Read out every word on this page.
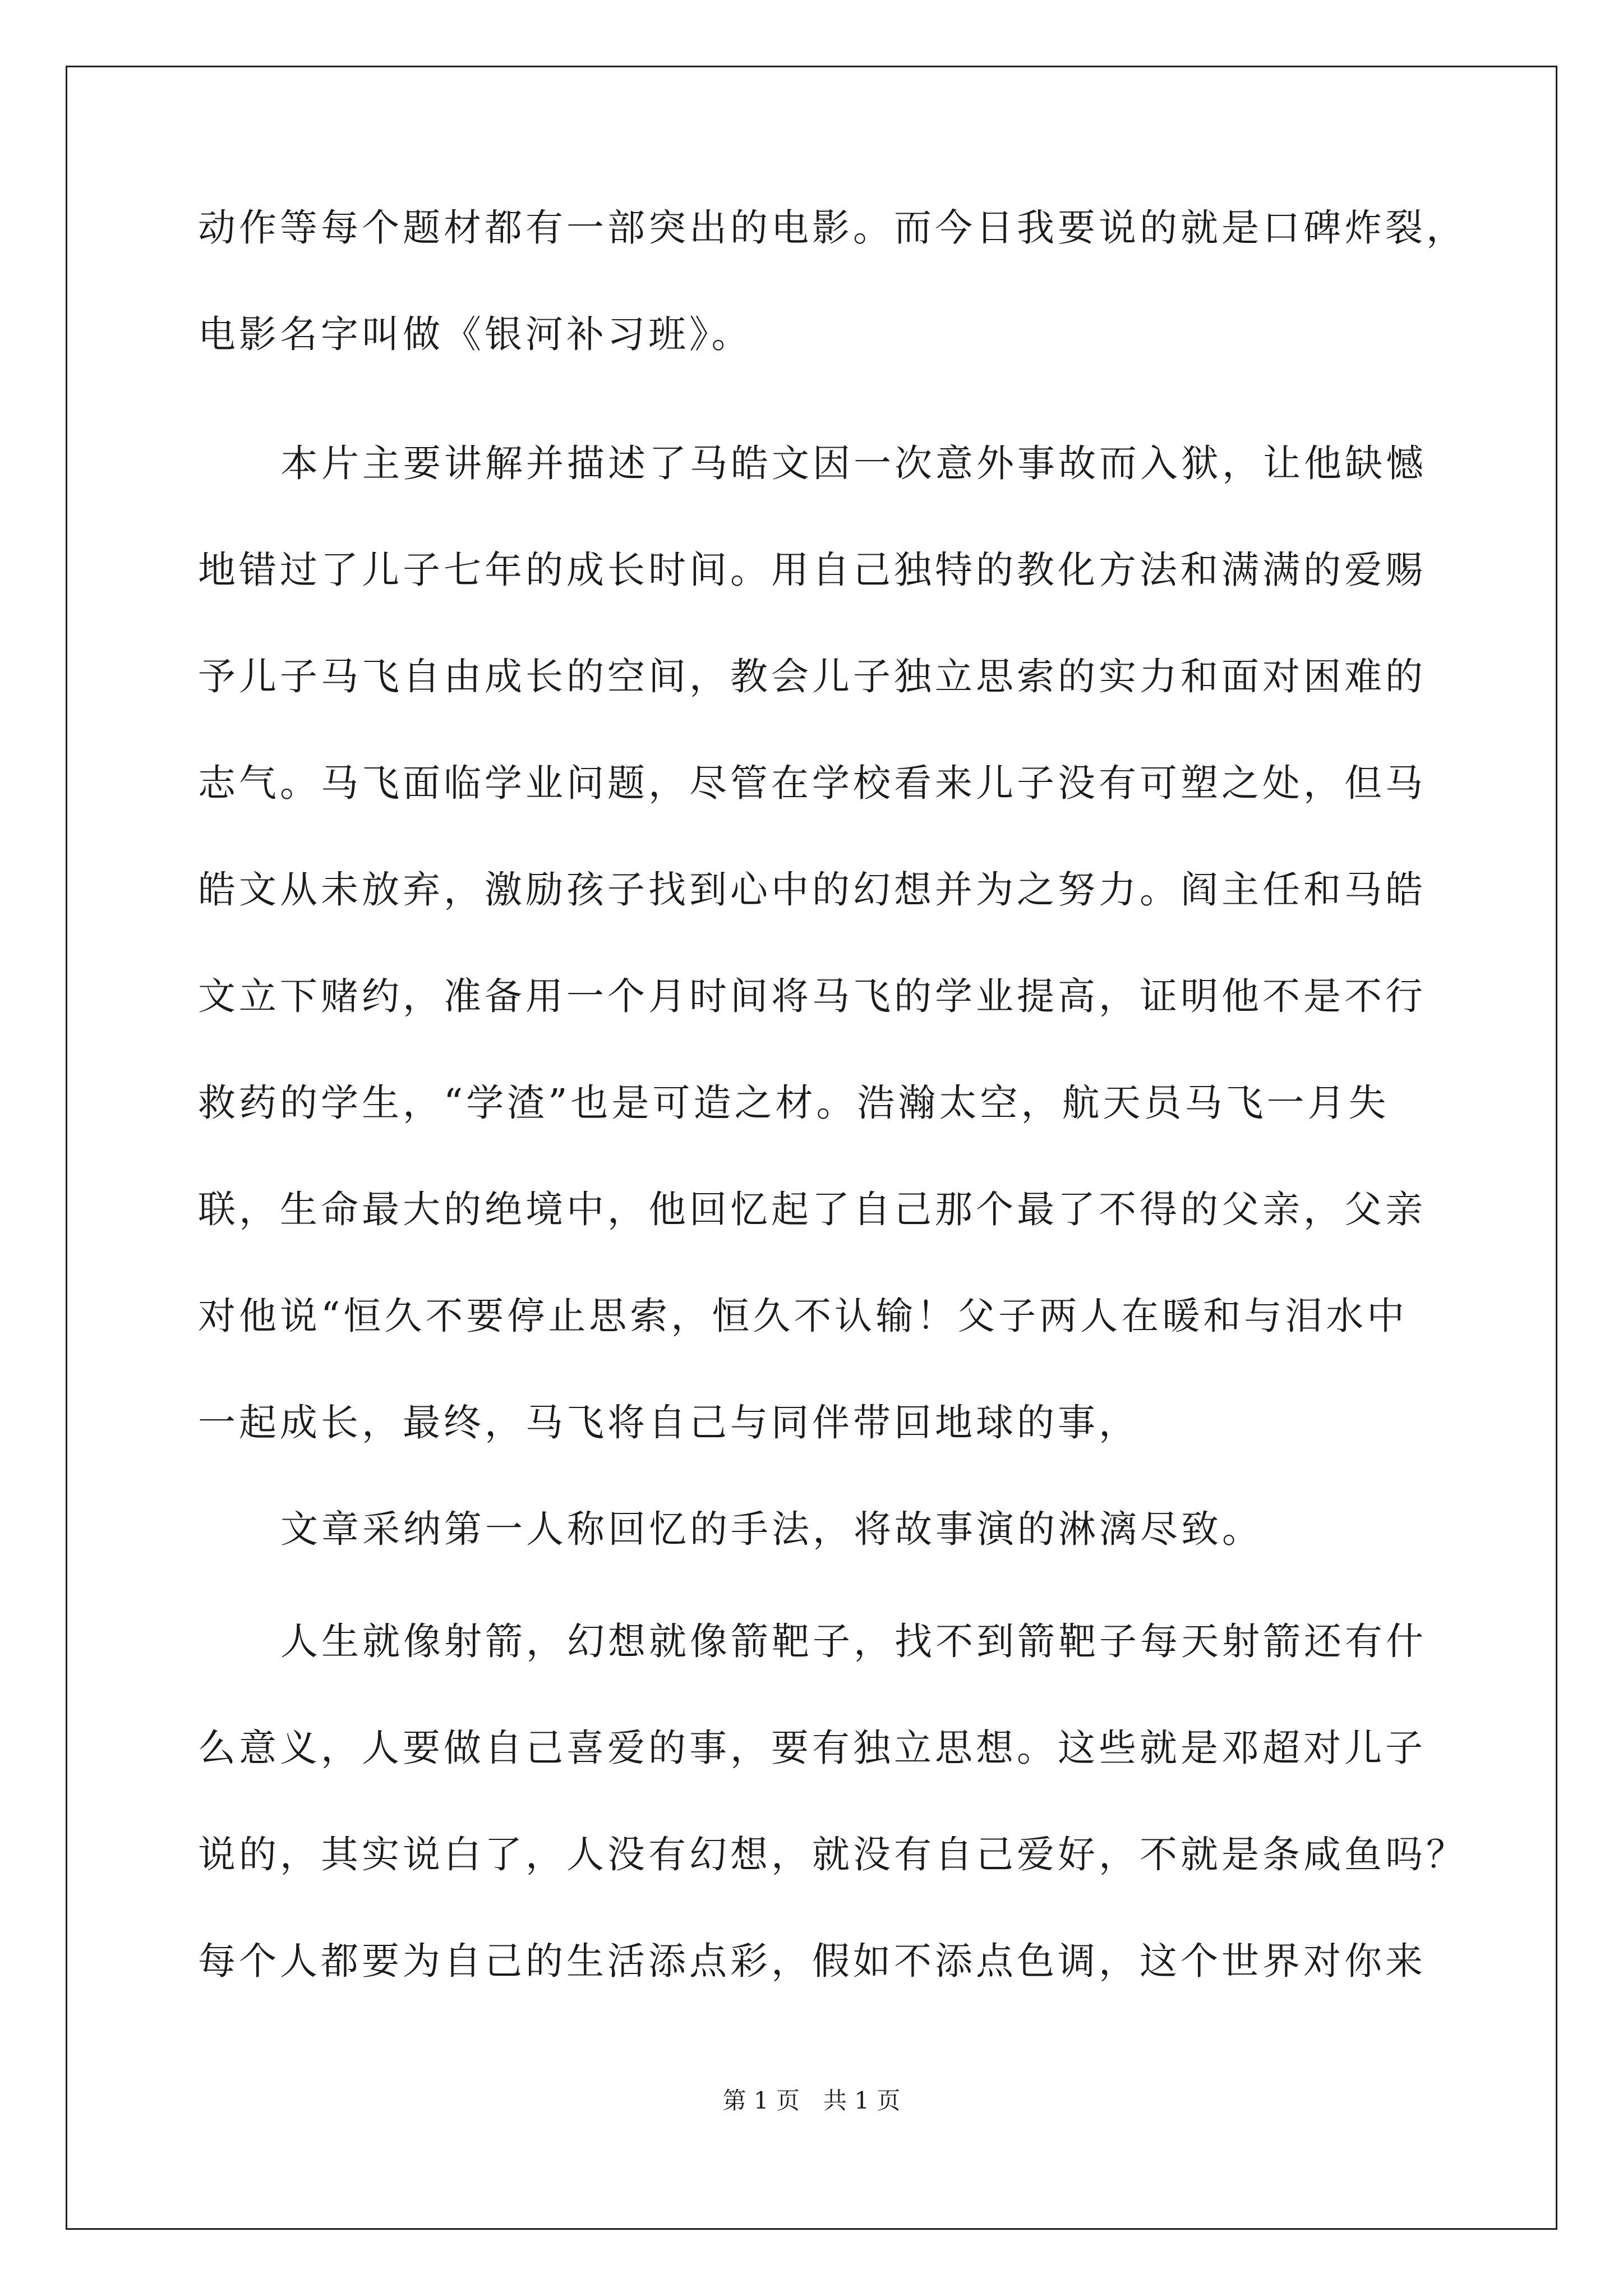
动作等每个题材都有一部突出的电影。而今日我要说的就是口碑炸裂，
电影名字叫做《银河补习班》。
本片主要讲解并描述了马皓文因一次意外事故而入狱，让他缺憾
地错过了儿子七年的成长时间。用自己独特的教化方法和满满的爱赐
予儿子马飞自由成长的空间，教会儿子独立思索的实力和面对困难的
志气。马飞面临学业问题，尽管在学校看来儿子没有可塑之处，但马
皓文从未放弃，激励孩子找到心中的幻想并为之努力。阎主任和马皓
文立下赌约，准备用一个月时间将马飞的学业提高，证明他不是不行
救药的学生，“学渣”也是可造之材。浩瀚太空，航天员马飞一月失
联，生命最大的绝境中，他回忆起了自己那个最了不得的父亲，父亲
对他说“恒久不要停止思索，恒久不认输！父子两人在暖和与泪水中
一起成长，最终，马飞将自己与同伴带回地球的事，
文章采纳第一人称回忆的手法，将故事演的淋漓尽致。
人生就像射箭，幻想就像箭靶子，找不到箭靶子每天射箭还有什
么意义，人要做自己喜爱的事，要有独立思想。这些就是邓超对儿子
说的，其实说白了，人没有幻想，就没有自己爱好，不就是条咸鱼吗？
每个人都要为自己的生活添点彩，假如不添点色调，这个世界对你来
第 1 页　共 1 页
